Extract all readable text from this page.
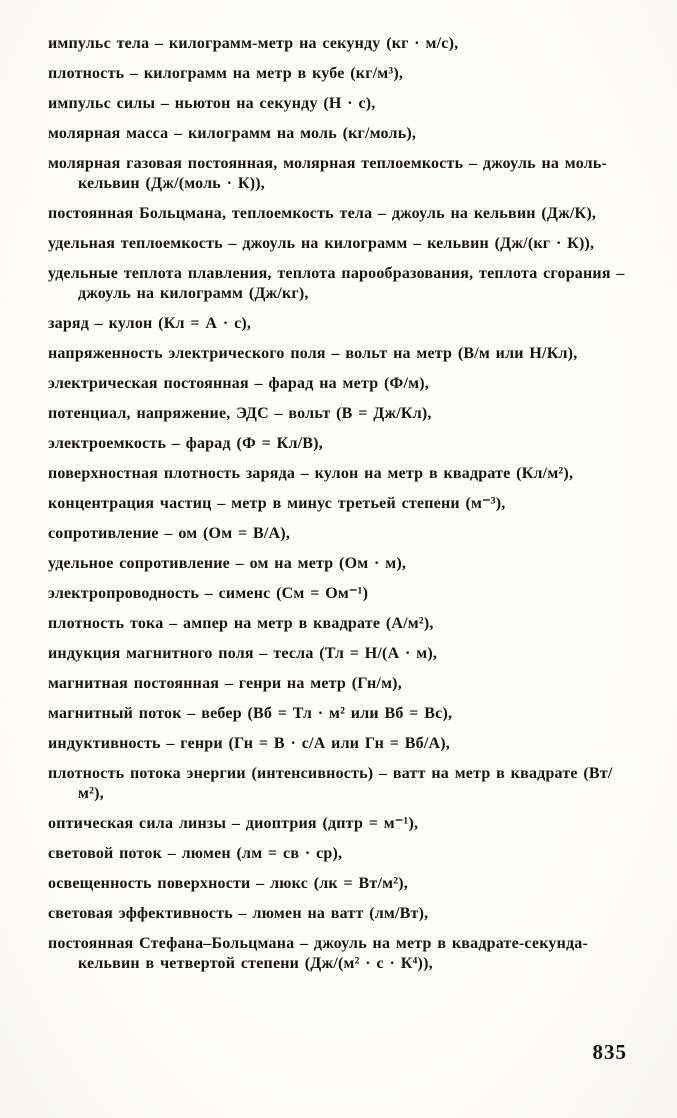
импульс тела – килограмм-метр на секунду (кг · м/с),

плотность – килограмм на метр в кубе (кг/м³),

импульс силы – ньютон на секунду (Н · с),

молярная масса – килограмм на моль (кг/моль),

молярная газовая постоянная, молярная теплоемкость – джоуль на моль-кельвин (Дж/(моль · К)),

постоянная Больцмана, теплоемкость тела – джоуль на кельвин (Дж/К),

удельная теплоемкость – джоуль на килограмм – кельвин (Дж/(кг · К)),

удельные теплота плавления, теплота парообразования, теплота сгорания – джоуль на килограмм (Дж/кг),

заряд – кулон (Кл = А · с),

напряженность электрического поля – вольт на метр (В/м или Н/Кл),

электрическая постоянная – фарад на метр (Ф/м),

потенциал, напряжение, ЭДС – вольт (В = Дж/Кл),

электроемкость – фарад (Ф = Кл/В),

поверхностная плотность заряда – кулон на метр в квадрате (Кл/м²),

концентрация частиц – метр в минус третьей степени (м⁻³),

сопротивление – ом (Ом = В/А),

удельное сопротивление – ом на метр (Ом · м),

электропроводность – сименс (См = Ом⁻¹)

плотность тока – ампер на метр в квадрате (А/м²),

индукция магнитного поля – тесла (Тл = Н/(А · м),

магнитная постоянная – генри на метр (Гн/м),

магнитный поток – вебер (Вб = Тл · м² или Вб = Вс),

индуктивность – генри (Гн = В · с/А или Гн = Вб/А),

плотность потока энергии (интенсивность) – ватт на метр в квадрате (Вт/м²),

оптическая сила линзы – диоптрия (дптр = м⁻¹),

световой поток – люмен (лм = св · ср),

освещенность поверхности – люкс (лк = Вт/м²),

световая эффективность – люмен на ватт (лм/Вт),

постоянная Стефана–Больцмана – джоуль на метр в квадрате-секунда-кельвин в четвертой степени (Дж/(м² · с · К⁴)),

835
